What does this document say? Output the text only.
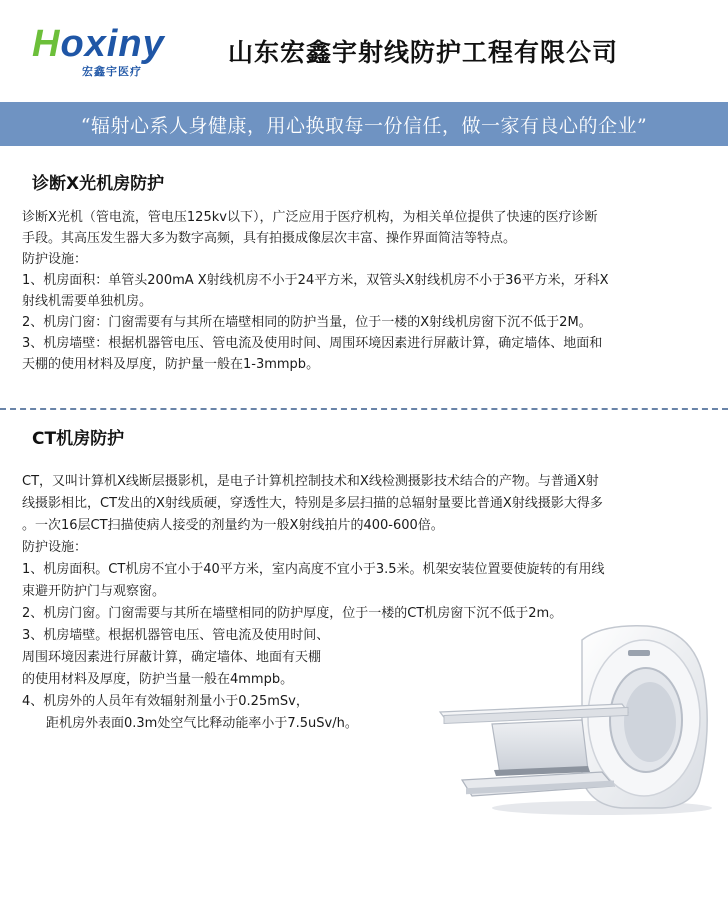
Hoxiny
宏鑫宇医疗
山东宏鑫宇射线防护工程有限公司
“辐射心系人身健康，用心换取每一份信任，做一家有良心的企业”
诊断X光机房防护

诊断X光机（管电流，管电压125kv以下），广泛应用于医疗机构，为相关单位提供了快速的医疗诊断

手段。其高压发生器大多为数字高频，具有拍摄成像层次丰富、操作界面简洁等特点。

防护设施：

1、机房面积：单管头200mA X射线机房不小于24平方米，双管头X射线机房不小于36平方米，牙科X

射线机需要单独机房。

2、机房门窗：门窗需要有与其所在墙壁相同的防护当量，位于一楼的X射线机房窗下沉不低于2M。

3、机房墙壁：根据机器管电压、管电流及使用时间、周围环境因素进行屏蔽计算，确定墙体、地面和

天棚的使用材料及厚度，防护量一般在1-3mmpb。

CT机房防护

CT，又叫计算机X线断层摄影机，是电子计算机控制技术和X线检测摄影技术结合的产物。与普通X射

线摄影相比，CT发出的X射线质硬，穿透性大，特别是多层扫描的总辐射量要比普通X射线摄影大得多

。一次16层CT扫描使病人接受的剂量约为一般X射线拍片的400-600倍。

防护设施：

1、机房面积。CT机房不宜小于40平方米，室内高度不宜小于3.5米。机架安装位置要使旋转的有用线

束避开防护门与观察窗。

2、机房门窗。门窗需要与其所在墙壁相同的防护厚度，位于一楼的CT机房窗下沉不低于2m。

3、机房墙壁。根据机器管电压、管电流及使用时间、

周围环境因素进行屏蔽计算，确定墙体、地面有天棚

的使用材料及厚度，防护当量一般在4mmpb。

4、机房外的人员年有效辐射剂量小于0.25mSv，

距机房外表面0.3m处空气比释动能率小于7.5uSv/h。
